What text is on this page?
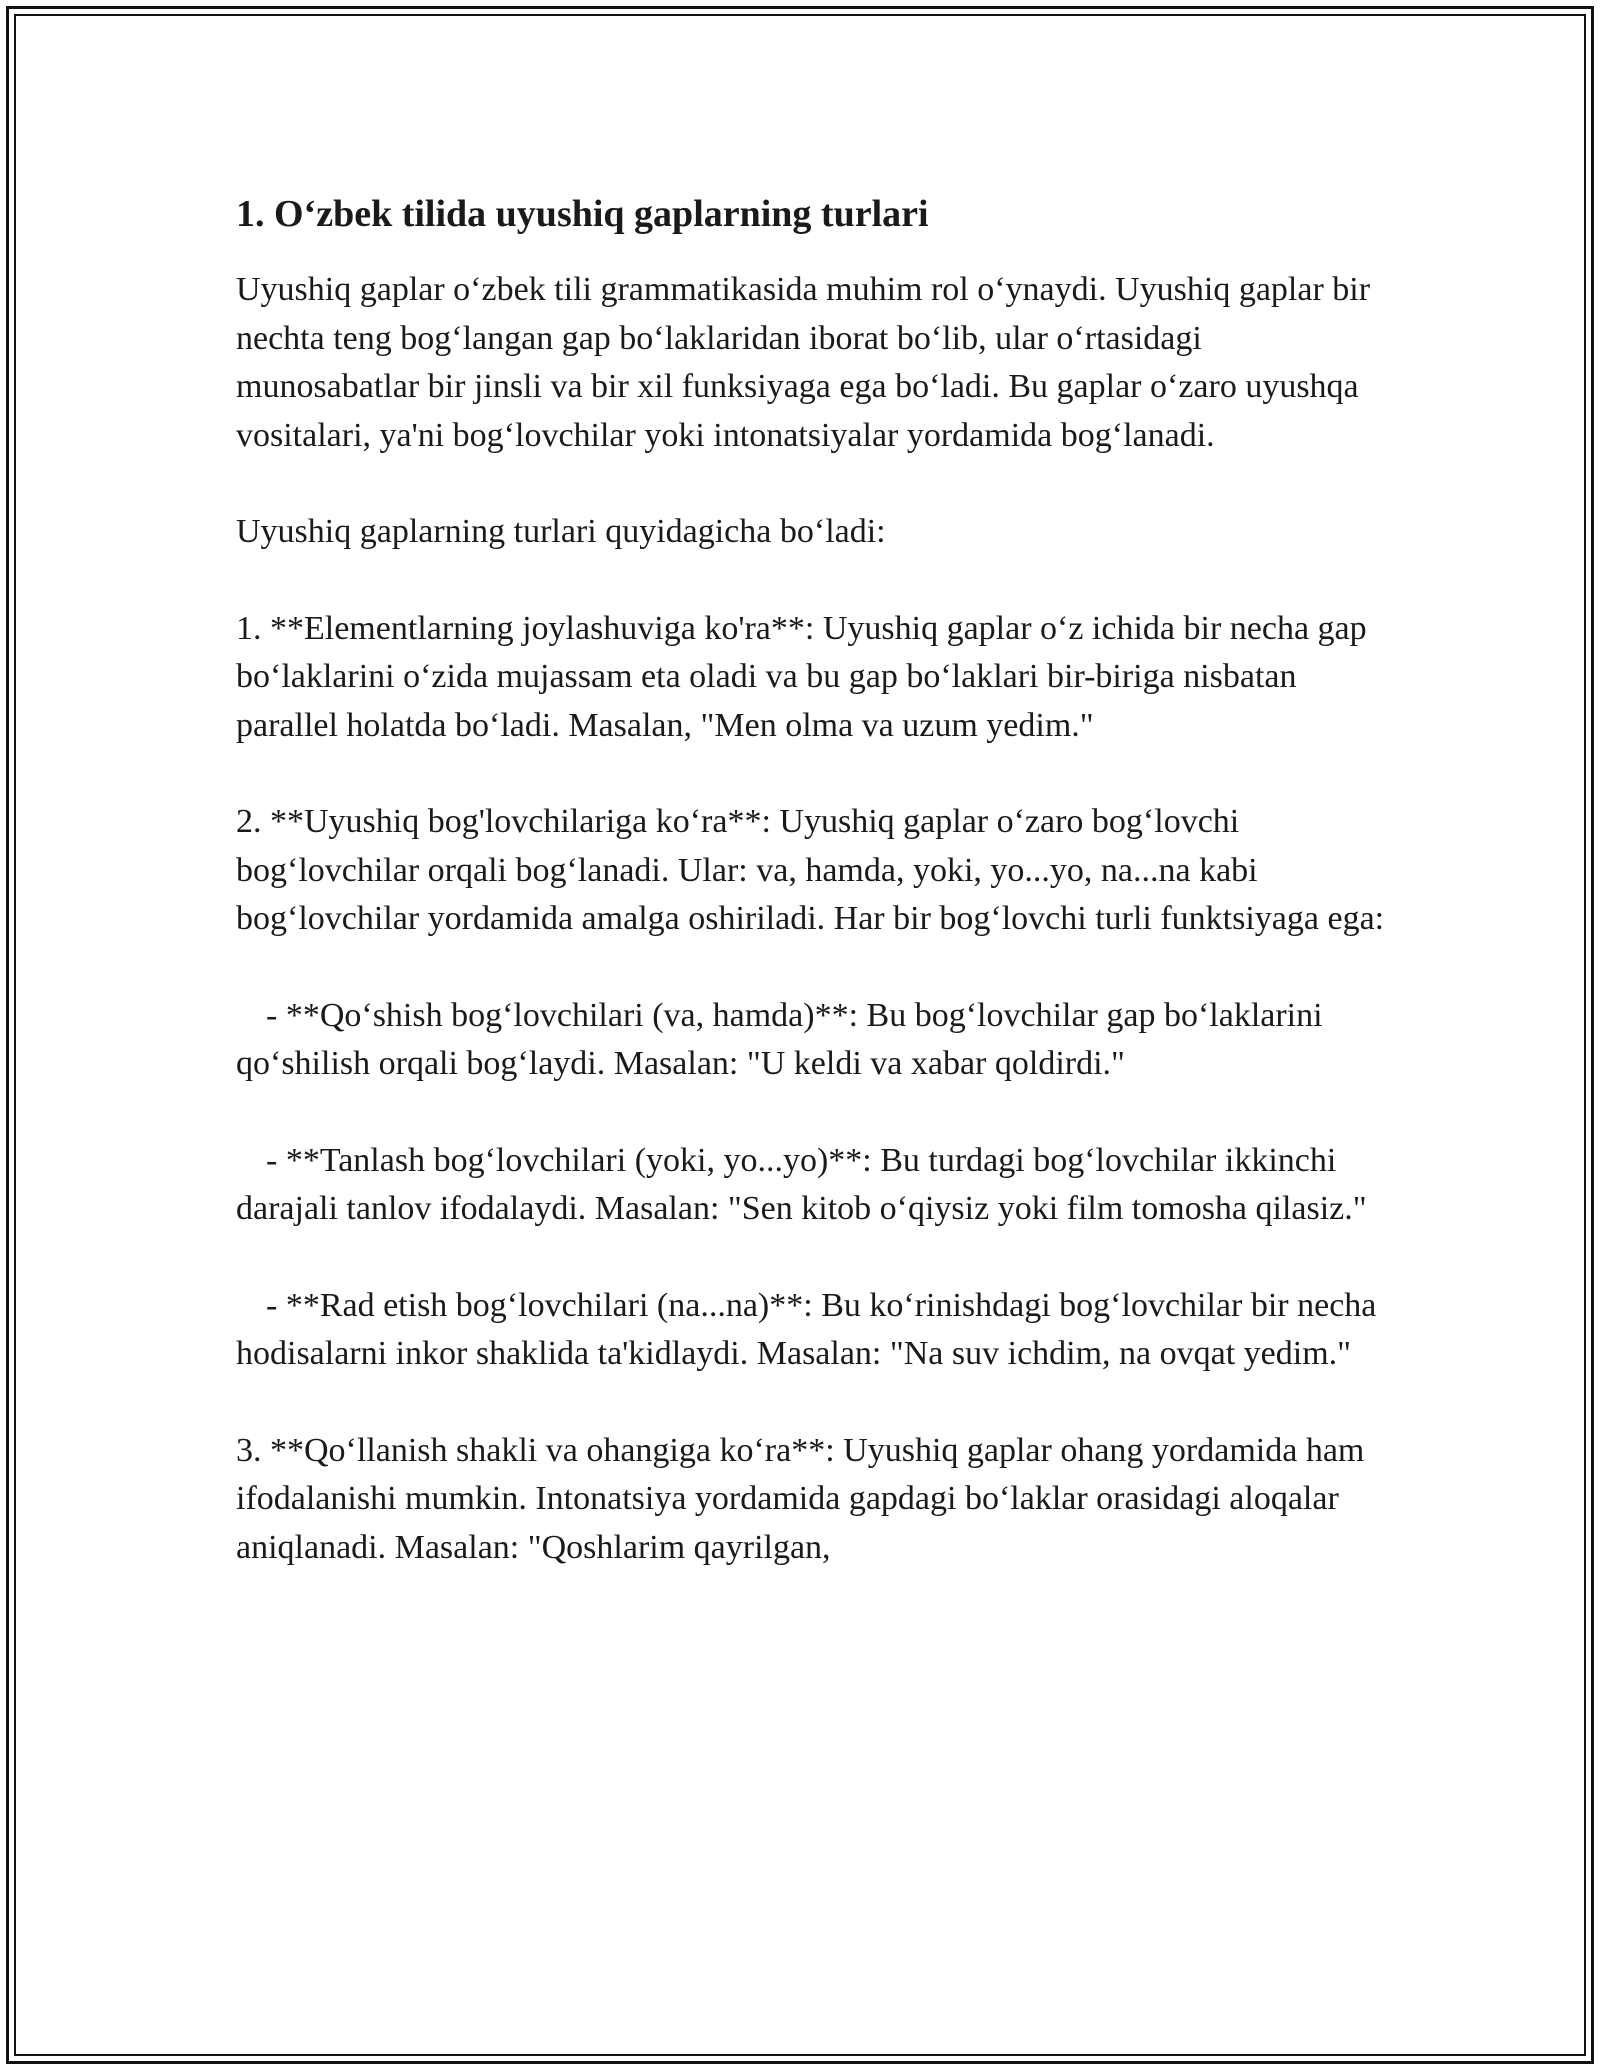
1. O‘zbek tilida uyushiq gaplarning turlari

Uyushiq gaplar o‘zbek tili grammatikasida muhim rol o‘ynaydi. Uyushiq gaplar bir nechta teng bog‘langan gap bo‘laklaridan iborat bo‘lib, ular o‘rtasidagi munosabatlar bir jinsli va bir xil funksiyaga ega bo‘ladi. Bu gaplar o‘zaro uyushqa vositalari, ya'ni bog‘lovchilar yoki intonatsiyalar yordamida bog‘lanadi.

Uyushiq gaplarning turlari quyidagicha bo‘ladi:

1. **Elementlarning joylashuviga ko'ra**: Uyushiq gaplar o‘z ichida bir necha gap bo‘laklarini o‘zida mujassam eta oladi va bu gap bo‘laklari bir-biriga nisbatan parallel holatda bo‘ladi. Masalan, "Men olma va uzum yedim."

2. **Uyushiq bog'lovchilariga ko‘ra**: Uyushiq gaplar o‘zaro bog‘lovchi bog‘lovchilar orqali bog‘lanadi. Ular: va, hamda, yoki, yo...yo, na...na kabi bog‘lovchilar yordamida amalga oshiriladi. Har bir bog‘lovchi turli funktsiyaga ega:

- **Qo‘shish bog‘lovchilari (va, hamda)**: Bu bog‘lovchilar gap bo‘laklarini qo‘shilish orqali bog‘laydi. Masalan: "U keldi va xabar qoldirdi."

- **Tanlash bog‘lovchilari (yoki, yo...yo)**: Bu turdagi bog‘lovchilar ikkinchi darajali tanlov ifodalaydi. Masalan: "Sen kitob o‘qiysiz yoki film tomosha qilasiz."

- **Rad etish bog‘lovchilari (na...na)**: Bu ko‘rinishdagi bog‘lovchilar bir necha hodisalarni inkor shaklida ta'kidlaydi. Masalan: "Na suv ichdim, na ovqat yedim."

3. **Qo‘llanish shakli va ohangiga ko‘ra**: Uyushiq gaplar ohang yordamida ham ifodalanishi mumkin. Intonatsiya yordamida gapdagi bo‘laklar orasidagi aloqalar aniqlanadi. Masalan: "Qoshlarim qayrilgan,
